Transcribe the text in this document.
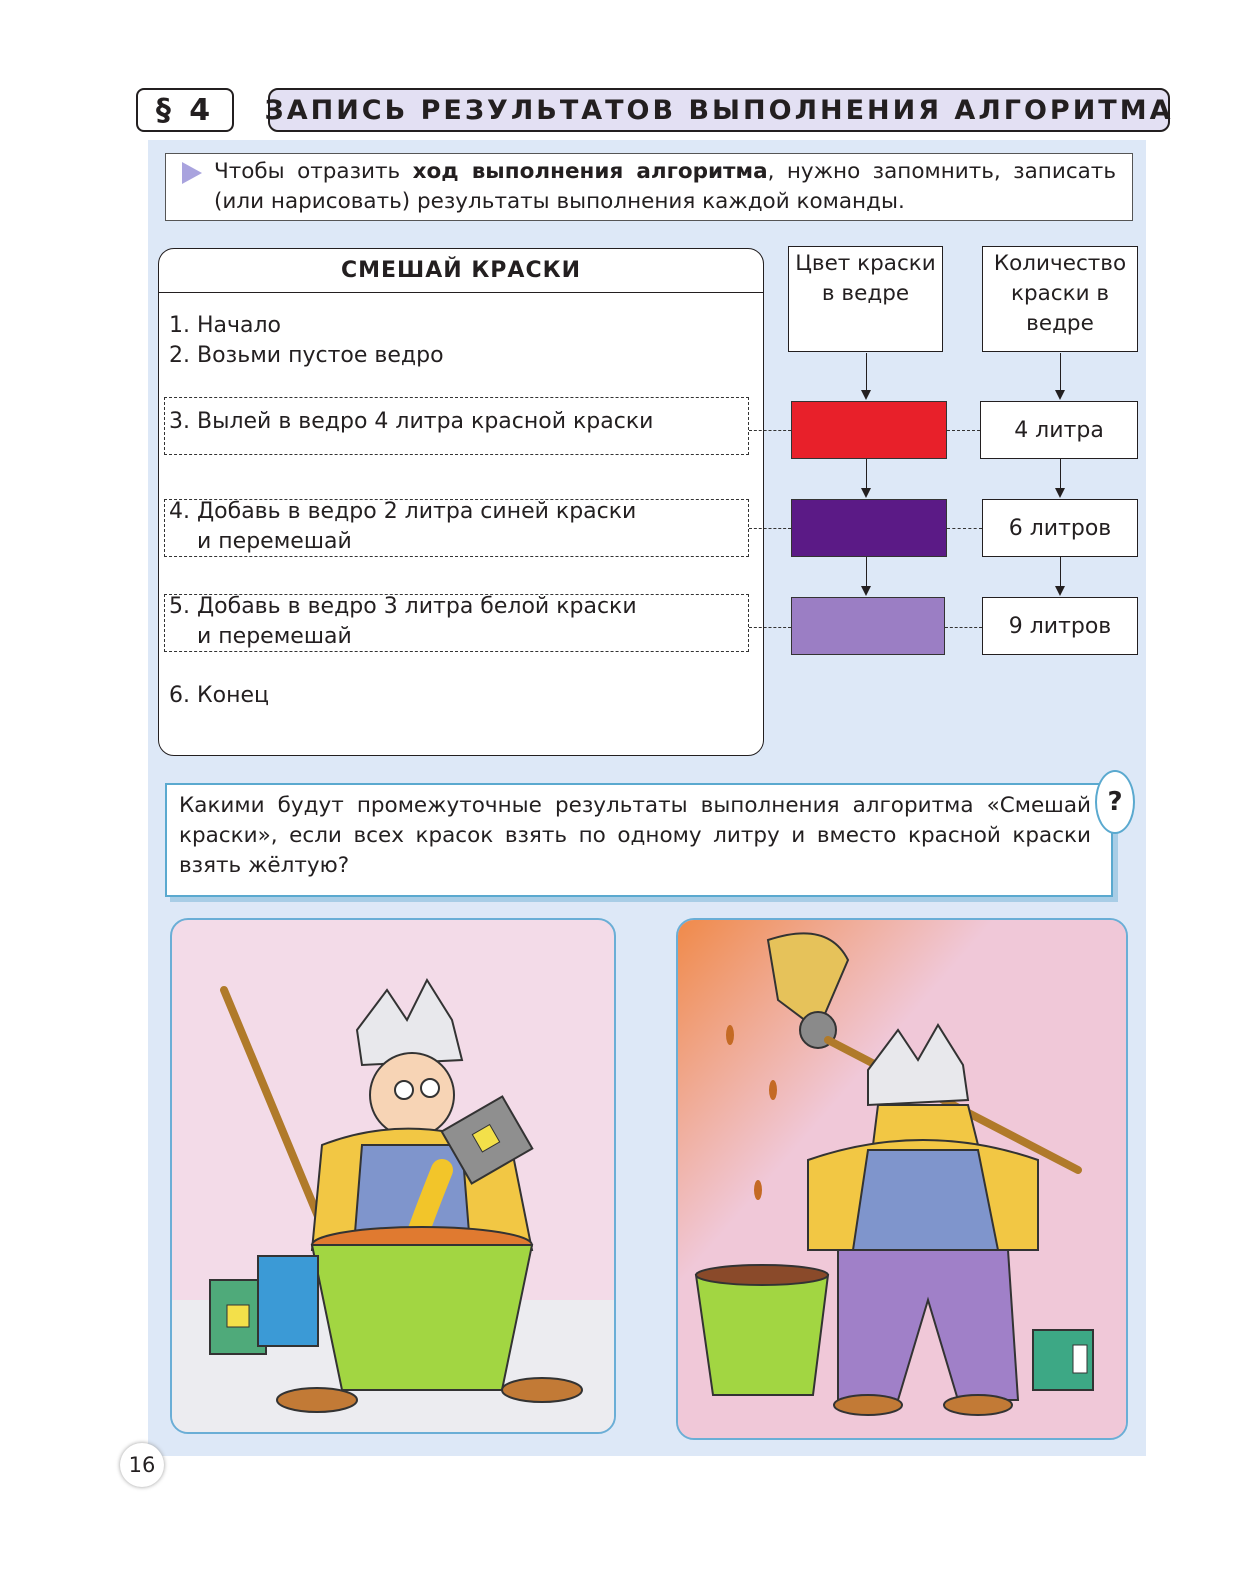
§ 4	ЗАПИСЬ РЕЗУЛЬТАТОВ ВЫПОЛНЕНИЯ АЛГОРИТМА
Чтобы отразить ход выполнения алгоритма, нужно запомнить, записать (или нарисовать) результаты выполнения каждой команды.
СМЕШАЙ КРАСКИ
1. Начало
2. Возьми пустое ведро
3. Вылей в ведро 4 литра красной краски
4. Добавь в ведро 2 литра синей краски
и перемешай
5. Добавь в ведро 3 литра белой краски
и перемешай
6. Конец
Цвет краски в ведре
Количество краски в ведре
4 литра
6 литров
9 литров
Какими будут промежуточные результаты выполнения алгоритма «Смешай краски», если всех красок взять по одному литру и вместо красной краски взять жёлтую?
?
16
